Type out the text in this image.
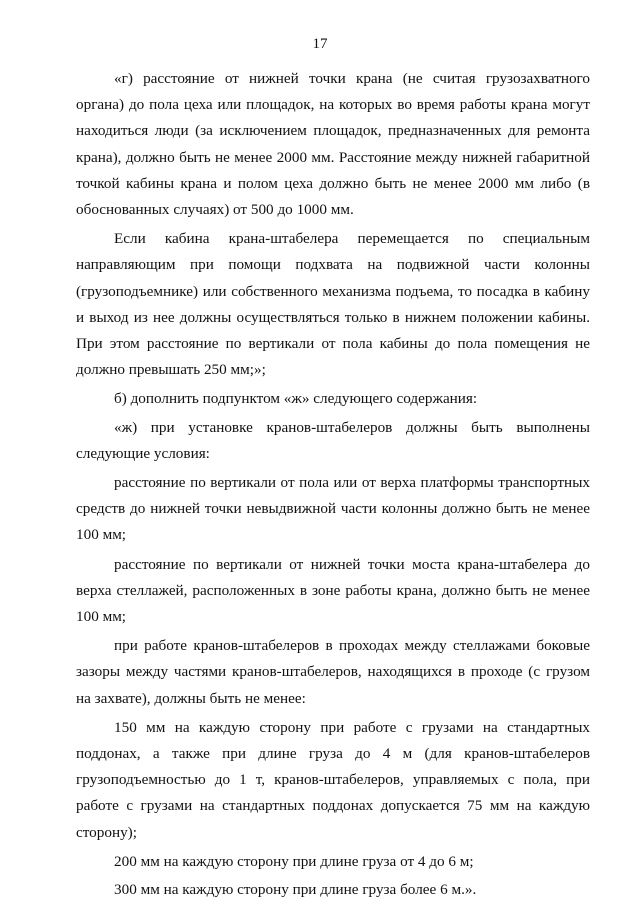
17

«г) расстояние от нижней точки крана (не считая грузозахватного органа) до пола цеха или площадок, на которых во время работы крана могут находиться люди (за исключением площадок, предназначенных для ремонта крана), должно быть не менее 2000 мм. Расстояние между нижней габаритной точкой кабины крана и полом цеха должно быть не менее 2000 мм либо (в обоснованных случаях) от 500 до 1000 мм.

Если кабина крана-штабелера перемещается по специальным направляющим при помощи подхвата на подвижной части колонны (грузоподъемнике) или собственного механизма подъема, то посадка в кабину и выход из нее должны осуществляться только в нижнем положении кабины. При этом расстояние по вертикали от пола кабины до пола помещения не должно превышать 250 мм;»;

б) дополнить подпунктом «ж» следующего содержания:

«ж) при установке кранов-штабелеров должны быть выполнены следующие условия:

расстояние по вертикали от пола или от верха платформы транспортных средств до нижней точки невыдвижной части колонны должно быть не менее 100 мм;

расстояние по вертикали от нижней точки моста крана-штабелера до верха стеллажей, расположенных в зоне работы крана, должно быть не менее 100 мм;

при работе кранов-штабелеров в проходах между стеллажами боковые зазоры между частями кранов-штабелеров, находящихся в проходе (с грузом на захвате), должны быть не менее:

150 мм на каждую сторону при работе с грузами на стандартных поддонах, а также при длине груза до 4 м (для кранов-штабелеров грузоподъемностью до 1 т, кранов-штабелеров, управляемых с пола, при работе с грузами на стандартных поддонах допускается 75 мм на каждую сторону);

200 мм на каждую сторону при длине груза от 4 до 6 м;

300 мм на каждую сторону при длине груза более 6 м.».
